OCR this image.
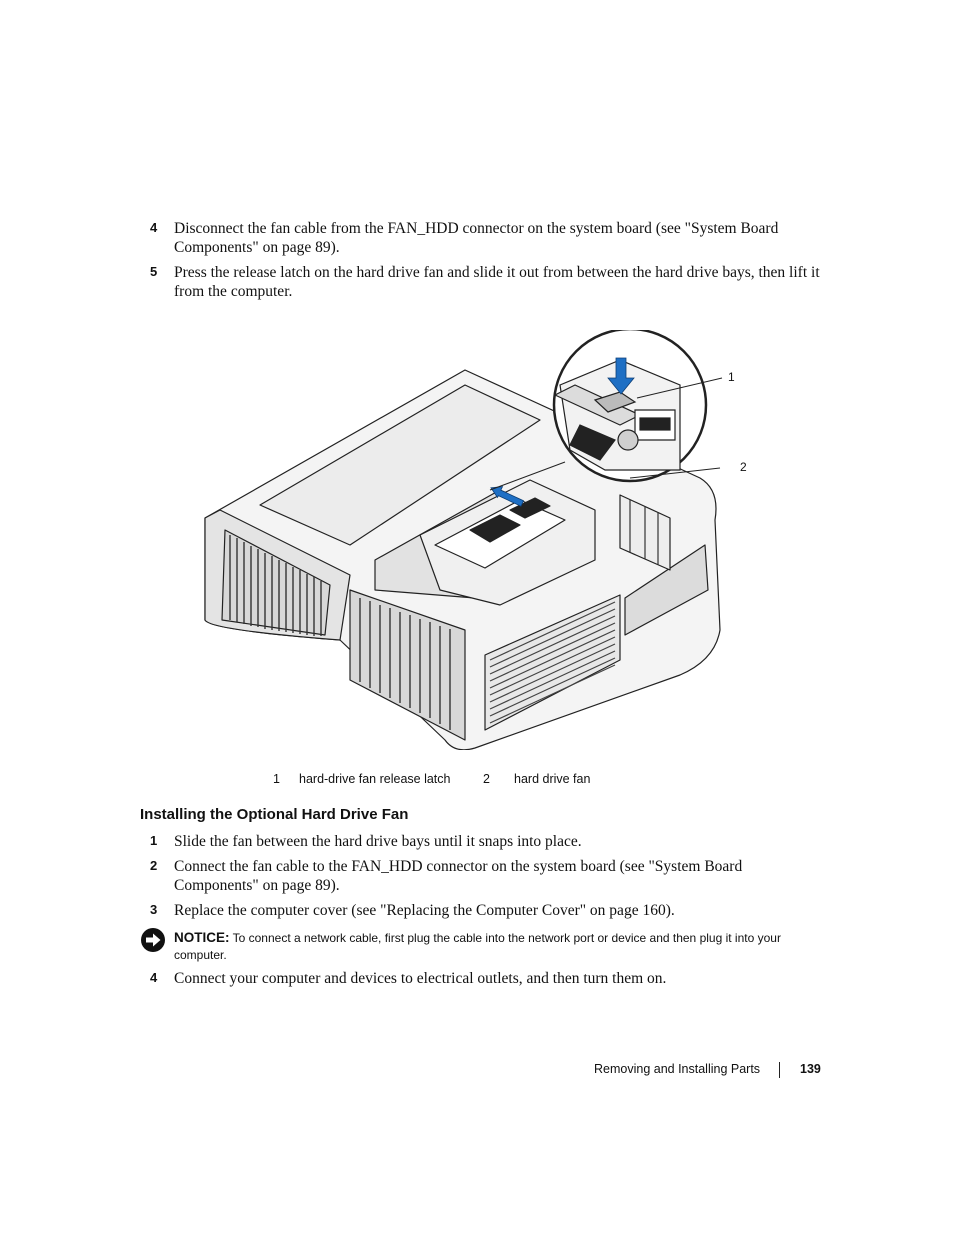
4 Disconnect the fan cable from the FAN_HDD connector on the system board (see "System Board Components" on page 89).
5 Press the release latch on the hard drive fan and slide it out from between the hard drive bays, then lift it from the computer.
1
2
1 hard-drive fan release latch	2 hard drive fan
Installing the Optional Hard Drive Fan
1 Slide the fan between the hard drive bays until it snaps into place.
2 Connect the fan cable to the FAN_HDD connector on the system board (see "System Board Components" on page 89).
3 Replace the computer cover (see "Replacing the Computer Cover" on page 160).
NOTICE: To connect a network cable, first plug the cable into the network port or device and then plug it into your computer.
4 Connect your computer and devices to electrical outlets, and then turn them on.
Removing and Installing Parts	139
